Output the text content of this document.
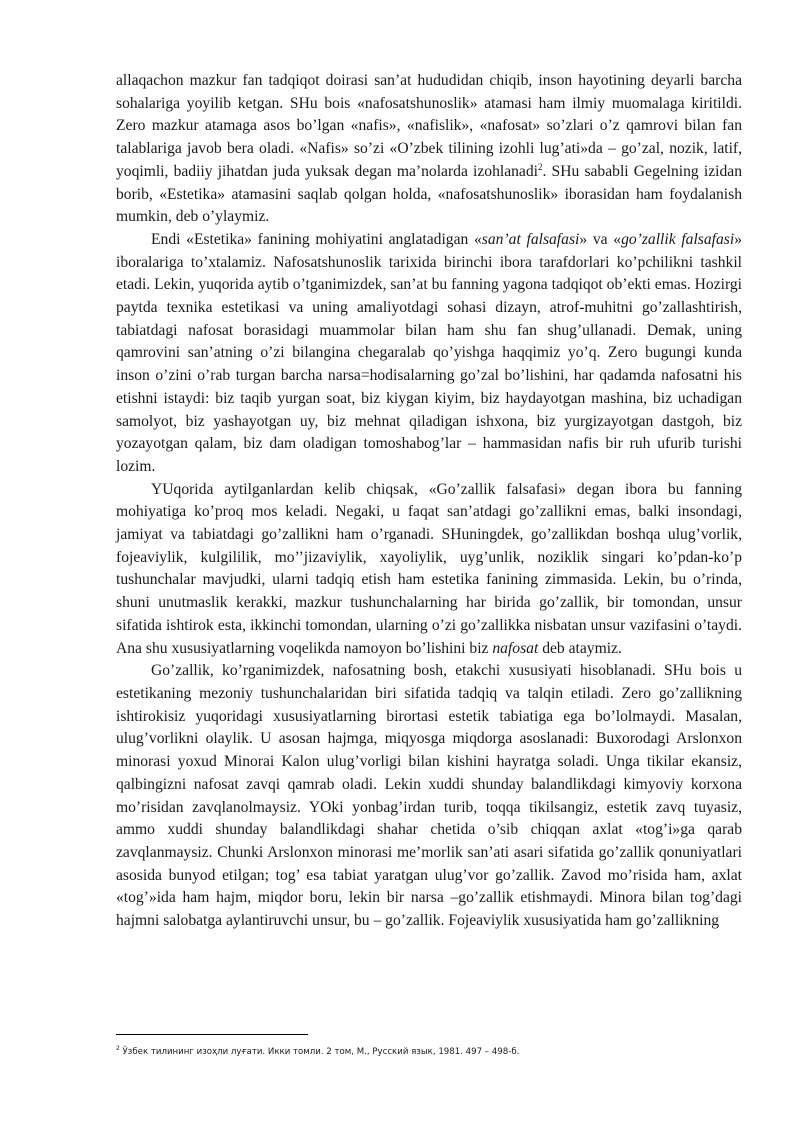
allaqachon mazkur fan tadqiqot doirasi san’at hududidan chiqib, inson hayotining deyarli barcha sohalariga yoyilib ketgan. SHu bois «nafosatshunoslik» atamasi ham ilmiy muomalaga kiritildi. Zero mazkur atamaga asos bo’lgan «nafis», «nafislik», «nafosat» so’zlari o’z qamrovi bilan fan talablariga javob bera oladi. «Nafis» so’zi «O’zbek tilining izohli lug’ati»da – go’zal, nozik, latif, yoqimli, badiiy jihatdan juda yuksak degan ma’nolarda izohlanadi$^2$. SHu sababli Gegelning izidan borib, «Estetika» atamasini saqlab qolgan holda, «nafosatshunoslik» iborasidan ham foydalanish mumkin, deb o’ylaymiz.

Endi «Estetika» fanining mohiyatini anglatadigan «san’at falsafasi» va «go’zallik falsafasi» iboralariga to’xtalamiz. Nafosatshunoslik tarixida birinchi ibora tarafdorlari ko’pchilikni tashkil etadi. Lekin, yuqorida aytib o’tganimizdek, san’at bu fanning yagona tadqiqot ob’ekti emas. Hozirgi paytda texnika estetikasi va uning amaliyotdagi sohasi dizayn, atrof-muhitni go’zallashtirish, tabiatdagi nafosat borasidagi muammolar bilan ham shu fan shug’ullanadi. Demak, uning qamrovini san’atning o’zi bilangina chegaralab qo’yishga haqqimiz yo’q. Zero bugungi kunda inson o’zini o’rab turgan barcha narsa=hodisalarning go’zal bo’lishini, har qadamda nafosatni his etishni istaydi: biz taqib yurgan soat, biz kiygan kiyim, biz haydayotgan mashina, biz uchadigan samolyot, biz yashayotgan uy, biz mehnat qiladigan ishxona, biz yurgizayotgan dastgoh, biz yozayotgan qalam, biz dam oladigan tomoshabog’lar – hammasidan nafis bir ruh ufurib turishi lozim.

YUqorida aytilganlardan kelib chiqsak, «Go’zallik falsafasi» degan ibora bu fanning mohiyatiga ko’proq mos keladi. Negaki, u faqat san’atdagi go’zallikni emas, balki insondagi, jamiyat va tabiatdagi go’zallikni ham o’rganadi. SHuningdek, go’zallikdan boshqa ulug’vorlik, fojeaviylik, kulgililik, mo’’jizaviylik, xayoliylik, uyg’unlik, noziklik singari ko’pdan-ko’p tushunchalar mavjudki, ularni tadqiq etish ham estetika fanining zimmasida. Lekin, bu o’rinda, shuni unutmaslik kerakki, mazkur tushunchalarning har birida go’zallik, bir tomondan, unsur sifatida ishtirok esta, ikkinchi tomondan, ularning o’zi go’zallikka nisbatan unsur vazifasini o’taydi. Ana shu xususiyatlarning voqelikda namoyon bo’lishini biz nafosat deb ataymiz.

Go’zallik, ko’rganimizdek, nafosatning bosh, etakchi xususiyati hisoblanadi. SHu bois u estetikaning mezoniy tushunchalaridan biri sifatida tadqiq va talqin etiladi. Zero go’zallikning ishtirokisiz yuqoridagi xususiyatlarning birortasi estetik tabiatiga ega bo’lolmaydi. Masalan, ulug’vorlikni olaylik. U asosan hajmga, miqyosga miqdorga asoslanadi: Buxorodagi Arslonxon minorasi yoxud Minorai Kalon ulug’vorligi bilan kishini hayratga soladi. Unga tikilar ekansiz, qalbingizni nafosat zavqi qamrab oladi. Lekin xuddi shunday balandlikdagi kimyoviy korxona mo’risidan zavqlanolmaysiz. YOki yonbag’irdan turib, toqqa tikilsangiz, estetik zavq tuyasiz, ammo xuddi shunday balandlikdagi shahar chetida o’sib chiqqan axlat «tog’i»ga qarab zavqlanmaysiz. Chunki Arslonxon minorasi me’morlik san’ati asari sifatida go’zallik qonuniyatlari asosida bunyod etilgan; tog’ esa tabiat yaratgan ulug’vor go’zallik. Zavod mo’risida ham, axlat «tog’»ida ham hajm, miqdor boru, lekin bir narsa –go’zallik etishmaydi. Minora bilan tog’dagi hajmni salobatga aylantiruvchi unsur, bu – go’zallik. Fojeaviylik xususiyatida ham go’zallikning

$^2$ Ўзбек тилининг изоҳли луғати. Икки томли. 2 том, М., Русский язык, 1981. 497 – 498-б.
